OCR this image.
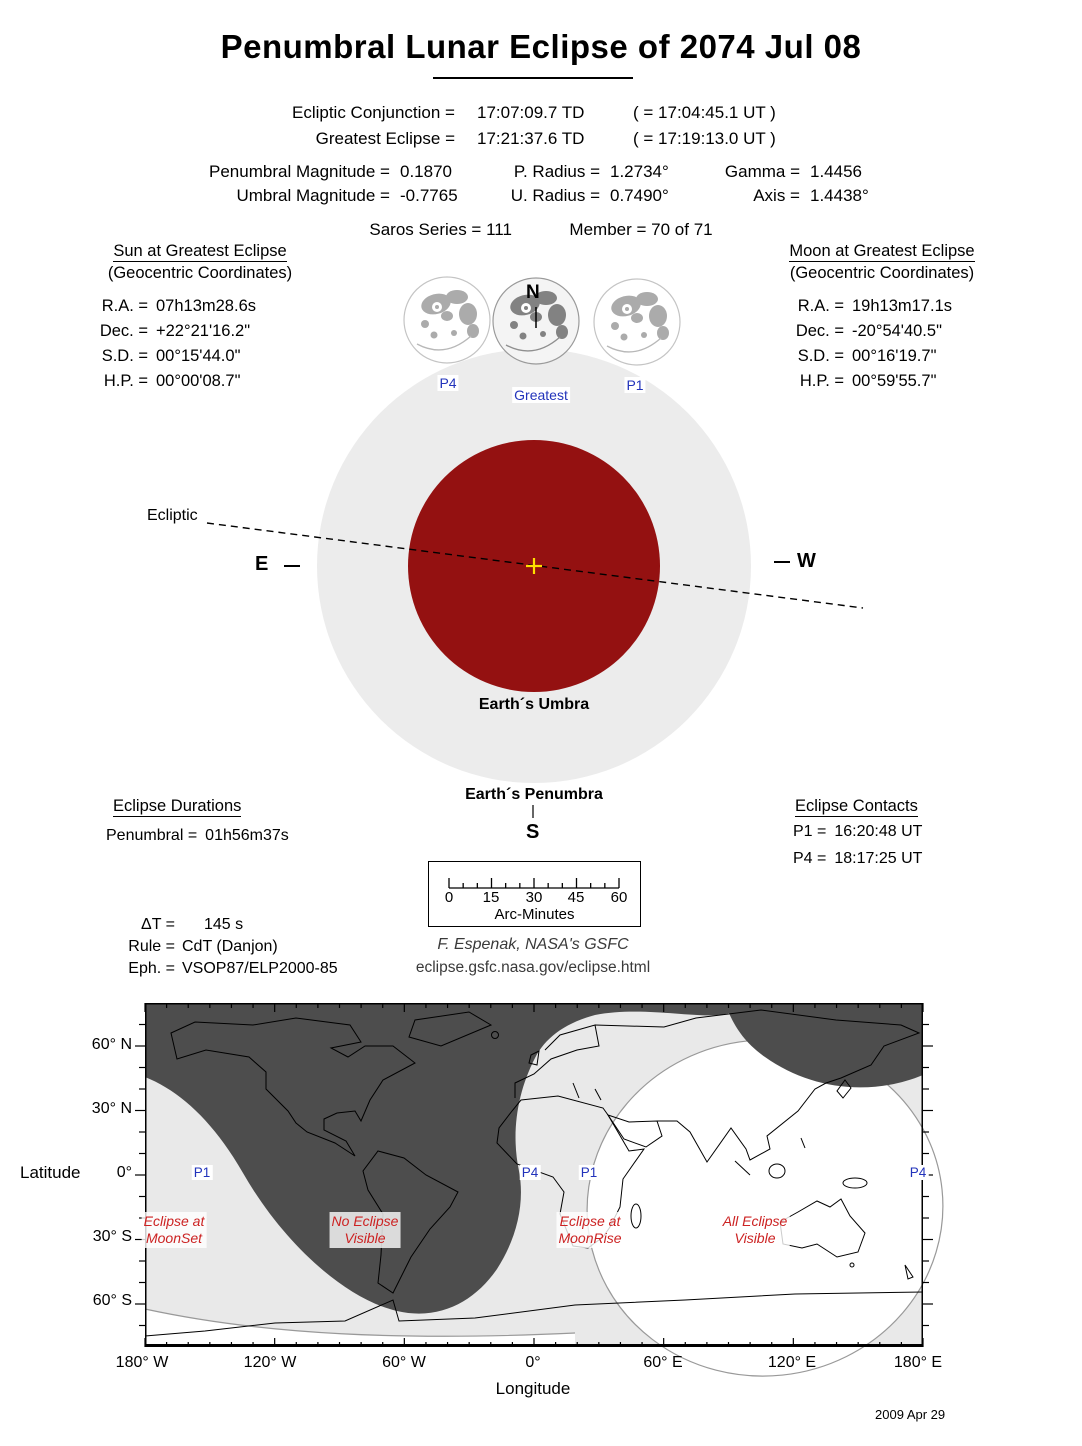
Penumbral Lunar Eclipse of 2074 Jul 08
Ecliptic Conjunction = 17:07:09.7 TD	( = 17:04:45.1 UT )
Greatest Eclipse = 17:21:37.6 TD	( = 17:19:13.0 UT )
Penumbral Magnitude = 0.1870	P. Radius = 1.2734°	Gamma = 1.4456
Umbral Magnitude = -0.7765	U. Radius = 0.7490°	Axis = 1.4438°
Saros Series = 111	Member = 70 of 71
Sun at Greatest Eclipse
(Geocentric Coordinates)
R.A. = 07h13m28.6s
Dec. = +22°21'16.2"
S.D. = 00°15'44.0"
H.P. = 00°00'08.7"
Moon at Greatest Eclipse
(Geocentric Coordinates)
R.A. = 19h13m17.1s
Dec. = -20°54'40.5"
S.D. = 00°16'19.7"
H.P. = 00°59'55.7"
Ecliptic
E	W
N
S
P4
Greatest
P1
Earth´s Umbra
Earth´s Penumbra
Eclipse Durations
Penumbral = 01h56m37s
Eclipse Contacts
P1 = 16:20:48 UT
P4 = 18:17:25 UT
ΔT =	145 s
Rule = CdT (Danjon)
Eph. = VSOP87/ELP2000-85
0 15 30 45 60
Arc-Minutes
F. Espenak, NASA's GSFC
eclipse.gsfc.nasa.gov/eclipse.html
P1	P4	P1	P4
Eclipse at
MoonSet
No Eclipse
Visible
Eclipse at
MoonRise
All Eclipse
Visible
Latitude
60° N
30° N
0°
30° S
60° S
180° W	120° W	60° W	0°	60° E	120° E	180° E
Longitude
2009 Apr 29
